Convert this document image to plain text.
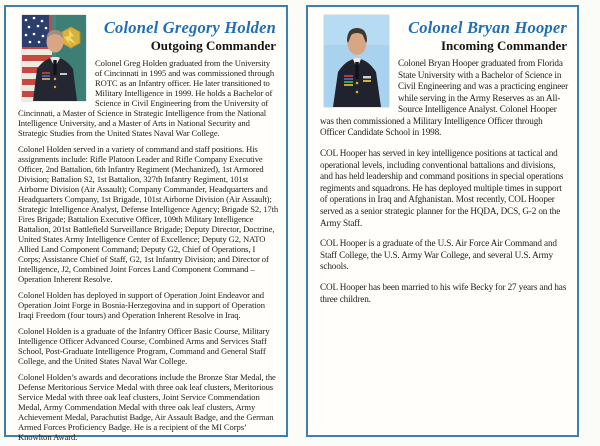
Colonel Gregory Holden
Outgoing Commander

Colonel Greg Holden graduated from the University of Cincinnati in 1995 and was commissioned through ROTC as an Infantry officer. He later transitioned to Military Intelligence in 1999. He holds a Bachelor of Science in Civil Engineering from the University of Cincinnati, a Master of Science in Strategic Intelligence from the National Intelligence University, and a Master of Arts in National Security and Strategic Studies from the United States Naval War College.

Colonel Holden served in a variety of command and staff positions. His assignments include: Rifle Platoon Leader and Rifle Company Executive Officer, 2nd Battalion, 6th Infantry Regiment (Mechanized), 1st Armored Division; Battalion S2, 1st Battalion, 327th Infantry Regiment, 101st Airborne Division (Air Assault); Company Commander, Headquarters and Headquarters Company, 1st Brigade, 101st Airborne Division (Air Assault); Strategic Intelligence Analyst, Defense Intelligence Agency; Brigade S2, 17th Fires Brigade; Battalion Executive Officer, 109th Military Intelligence Battalion, 201st Battlefield Surveillance Brigade; Deputy Director, Doctrine, United States Army Intelligence Center of Excellence; Deputy G2, NATO Allied Land Component Command; Deputy G2, Chief of Operations, I Corps; Assistance Chief of Staff, G2, 1st Infantry Division; and Director of Intelligence, J2, Combined Joint Forces Land Component Command – Operation Inherent Resolve.

Colonel Holden has deployed in support of Operation Joint Endeavor and Operation Joint Forge in Bosnia-Herzegovina and in support of Operation Iraqi Freedom (four tours) and Operation Inherent Resolve in Iraq.

Colonel Holden is a graduate of the Infantry Officer Basic Course, Military Intelligence Officer Advanced Course, Combined Arms and Services Staff School, Post-Graduate Intelligence Program, Command and General Staff College, and the United States Naval War College.

Colonel Holden’s awards and decorations include the Bronze Star Medal, the Defense Meritorious Service Medal with three oak leaf clusters, Meritorious Service Medal with three oak leaf clusters, Joint Service Commendation Medal, Army Commendation Medal with three oak leaf clusters, Army Achievement Medal, Parachutist Badge, Air Assault Badge, and the German Armed Forces Proficiency Badge. He is a recipient of the MI Corps’ Knowlton Award.

Colonel Bryan Hooper
Incoming Commander

Colonel Bryan Hooper graduated from Florida State University with a Bachelor of Science in Civil Engineering and was a practicing engineer while serving in the Army Reserves as an All-Source Intelligence Analyst. Colonel Hooper was then commissioned a Military Intelligence Officer through Officer Candidate School in 1998.

COL Hooper has served in key intelligence positions at tactical and operational levels, including conventional battalions and divisions, and has held leadership and command positions in special operations regiments and squadrons. He has deployed multiple times in support of operations in Iraq and Afghanistan. Most recently, COL Hooper served as a senior strategic planner for the HQDA, DCS, G-2 on the Army Staff.

COL Hooper is a graduate of the U.S. Air Force Air Command and Staff College, the U.S. Army War College, and several U.S. Army schools.

COL Hooper has been married to his wife Becky for 27 years and has three children.
